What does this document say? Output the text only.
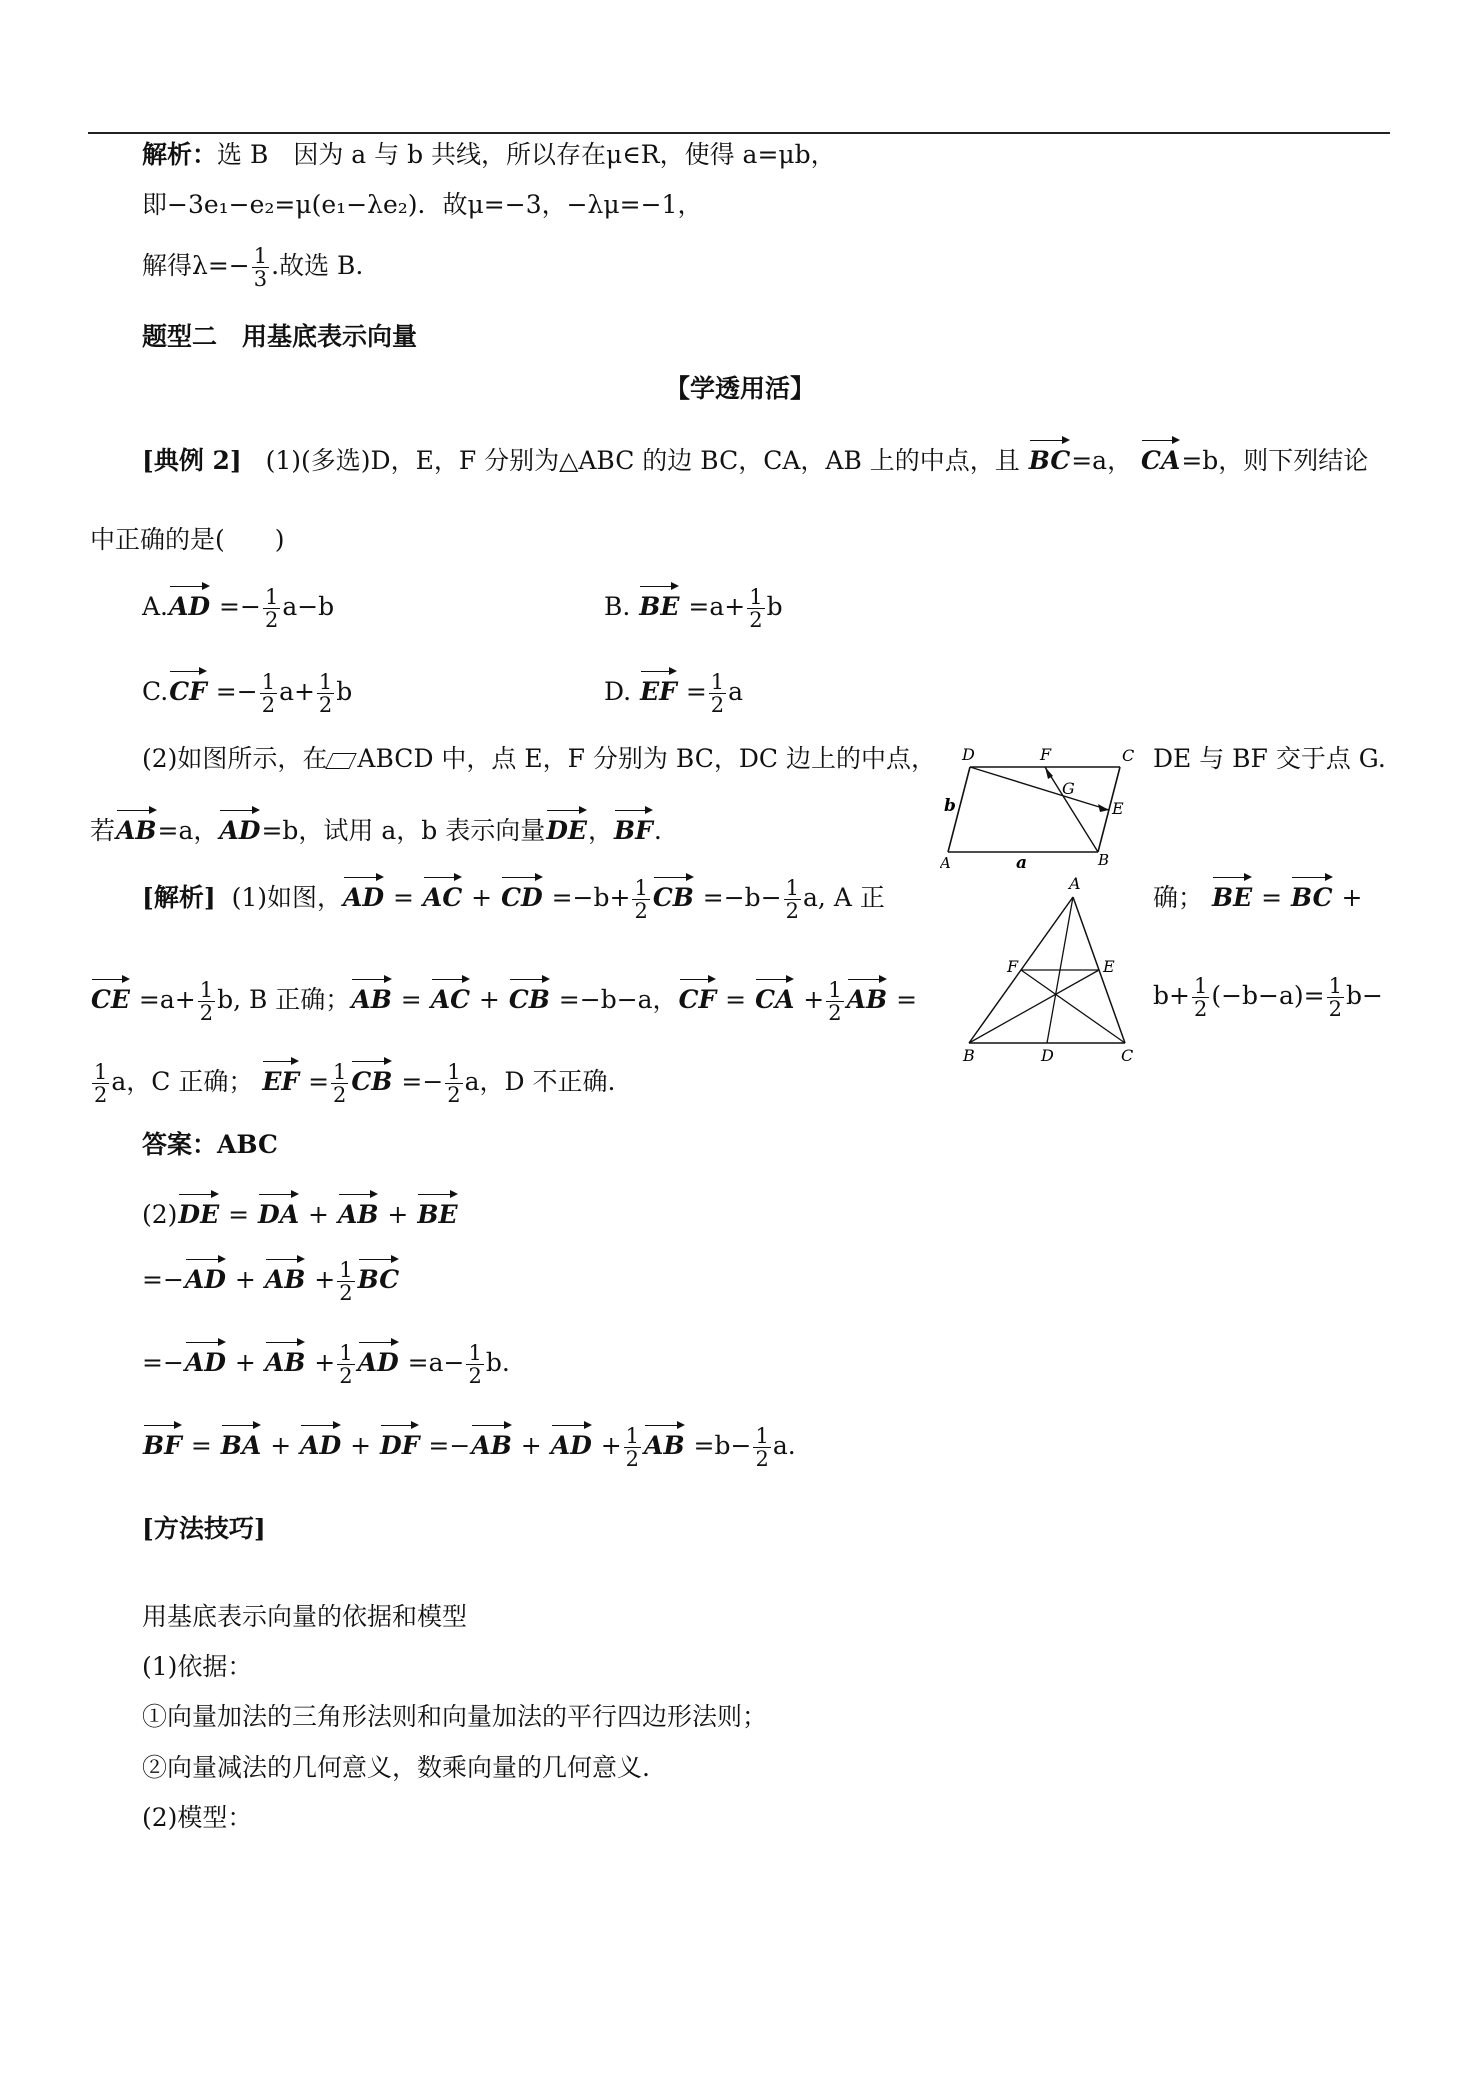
解析：选 B　因为 a 与 b 共线，所以存在μ∈R，使得 a=μb，
即−3e₁−e₂=μ(e₁−λe₂)．故μ=−3，−λμ=−1，
解得$\lambda=- \frac{1}{3}$ .故选 B.
题型二　用基底表示向量
【学透用活】
[典例 2] (1)(多选)D，E，F 分别为△ABC 的边 BC，CA，AB 上的中点，且 BC=a， CA=b，则下列结论
中正确的是(　　)
$A.AD =- \frac{1}{2} a-b$	B. BE $=a+ \frac{1}{2}$ b
$C.CF =- \frac{1}{2} a+ \frac{1}{2}$ b	D. EF = $\frac{1}{2}$ a
(2)如图所示，在 ABCD 中，点 E，F 分别为 BC，DC 边上的中点，	DE 与 BF 交于点 G.
若AB=a，AD=b，试用 a，b 表示向量DE，BF.
D	F	C
G
E
b
A	a	B
[解析] (1)如图，AD = AC + CD $=-b+ \frac{1}{2}$ CB $=-b- \frac{1}{2} a$, A 正	确； BE = BC +
CE $=a+ \frac{1}{2} b$, B 正确；AB = AC + CB =−b−a，CF = CA + $\frac{1}{2}$ AB =	$b+ \frac{1}{2} (-b-a)= \frac{1}{2} b-$
$\frac{1}{2}$ a，C 正确； EF = $\frac{1}{2}$ CB =− $\frac{1}{2}$ a，D 不正确.
A
F	E
B	D	C
答案：ABC
(2)DE = DA + AB + BE
=−AD + AB + $\frac{1}{2}$ BC
=−AD + AB + $\frac{1}{2}$ AD $=a- \frac{1}{2} b$.
BF = BA + AD + DF =−AB + AD + $\frac{1}{2}$ AB $=b- \frac{1}{2} a$.
[方法技巧]
用基底表示向量的依据和模型
(1)依据：
①向量加法的三角形法则和向量加法的平行四边形法则；
②向量减法的几何意义，数乘向量的几何意义.
(2)模型：
